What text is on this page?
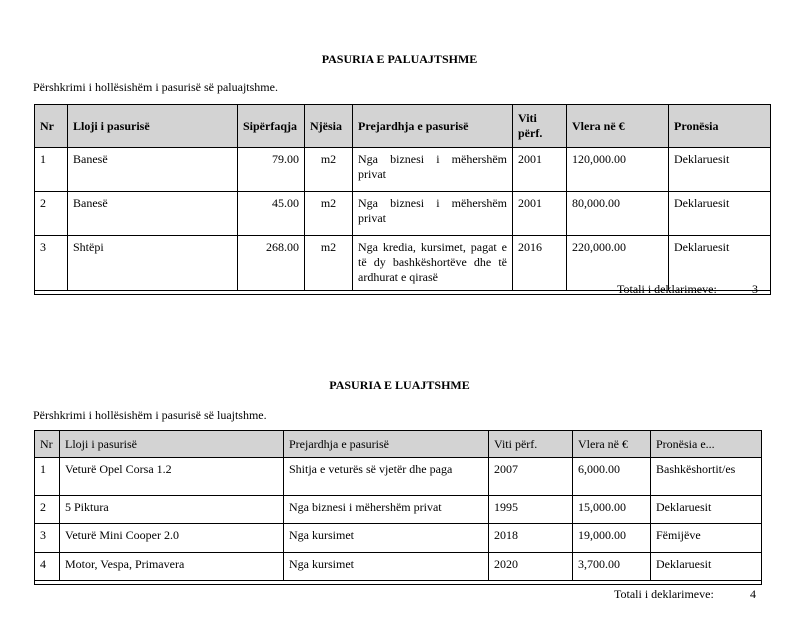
PASURIA E PALUAJTSHME
Përshkrimi i hollësishëm i pasurisë së paluajtshme.
Nr	Lloji i pasurisë	Sipërfaqja	Njësia	Prejardhja e pasurisë	Viti përf.	Vlera në €	Pronësia
1	Banesë	79.00	m2	Nga biznesi i mëhershëm privat	2001	120,000.00	Deklaruesit
2	Banesë	45.00	m2	Nga biznesi i mëhershëm privat	2001	80,000.00	Deklaruesit
3	Shtëpi	268.00	m2	Nga kredia, kursimet, pagat e të dy bashkëshortëve dhe të ardhurat e qirasë	2016	220,000.00	Deklaruesit

Totali i deklarimeve:	3
PASURIA E LUAJTSHME
Përshkrimi i hollësishëm i pasurisë së luajtshme.
Nr	Lloji i pasurisë	Prejardhja e pasurisë	Viti përf.	Vlera në €	Pronësia e...
1	Veturë Opel Corsa 1.2	Shitja e veturës së vjetër dhe paga	2007	6,000.00	Bashkëshortit/es
2	5 Piktura	Nga biznesi i mëhershëm privat	1995	15,000.00	Deklaruesit
3	Veturë Mini Cooper 2.0	Nga kursimet	2018	19,000.00	Fëmijëve
4	Motor, Vespa, Primavera	Nga kursimet	2020	3,700.00	Deklaruesit

Totali i deklarimeve:	4
